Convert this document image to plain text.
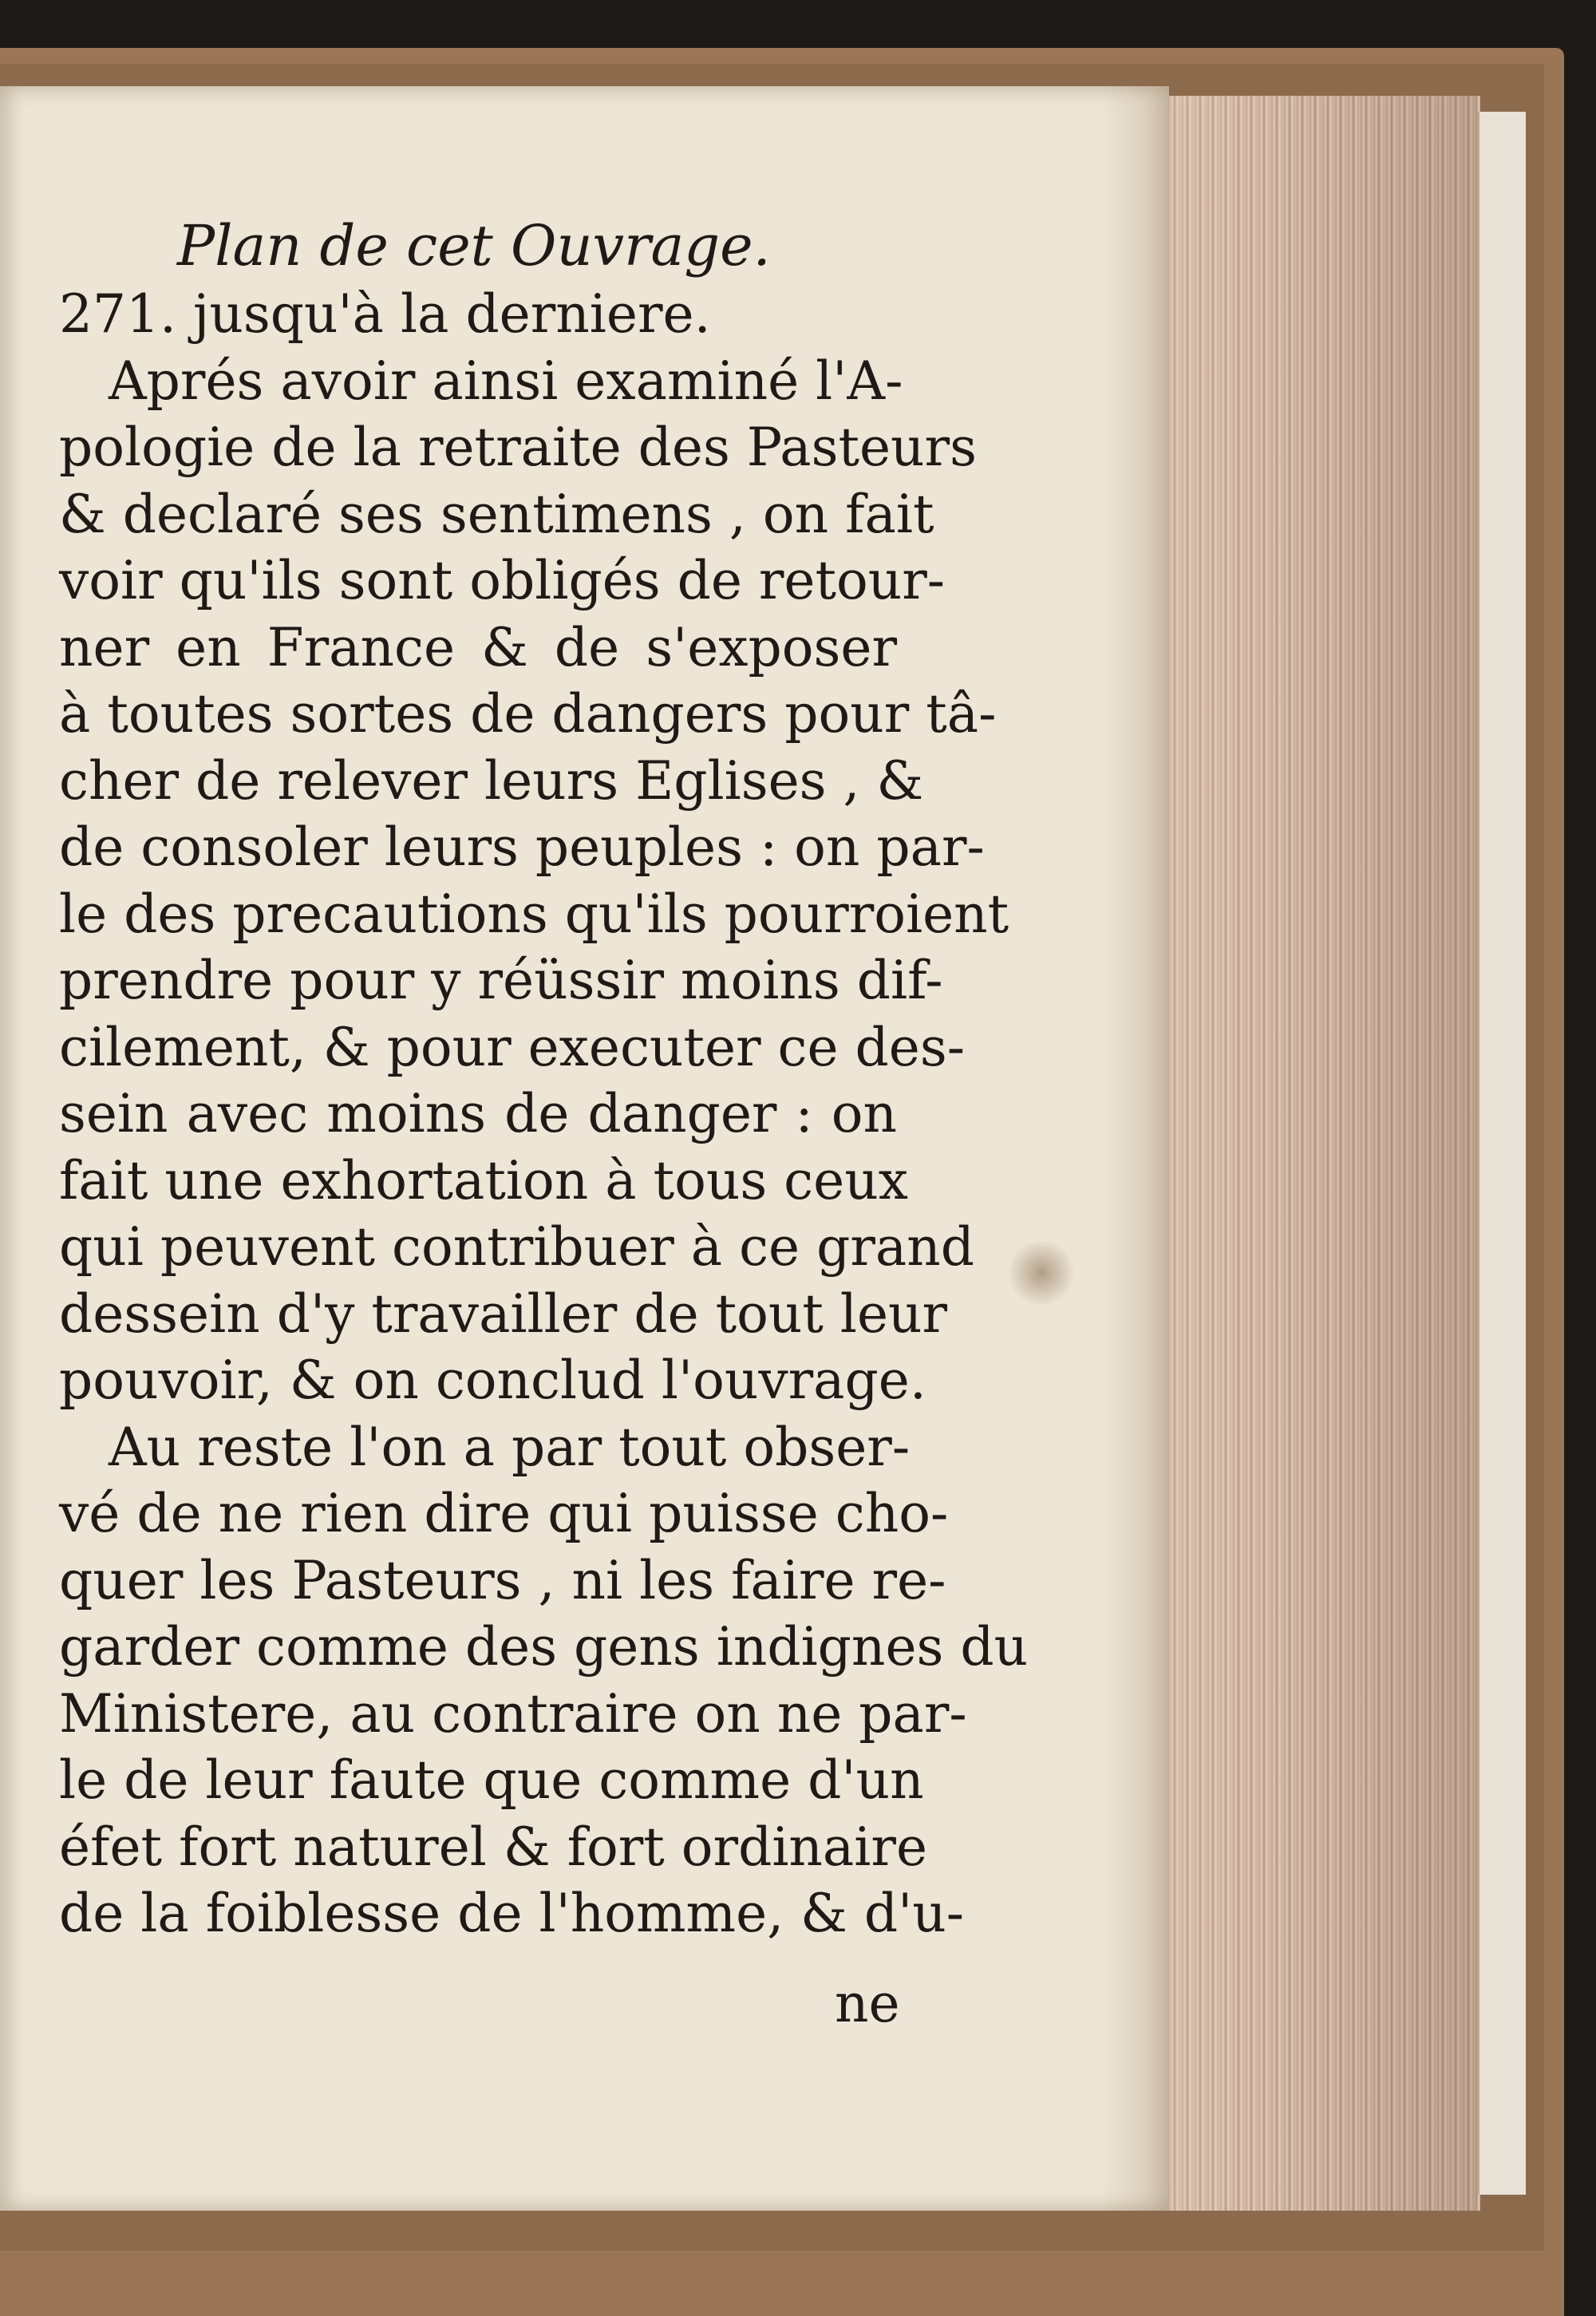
Plan de cet Ouvrage.
271. jusqu'à la derniere.
Aprés avoir ainsi examiné l'A-
pologie de la retraite des Pasteurs
& declaré ses sentimens , on fait
voir qu'ils sont obligés de retour-
ner en France & de s'exposer
à toutes sortes de dangers pour tâ-
cher de relever leurs Eglises , &
de consoler leurs peuples : on par-
le des precautions qu'ils pourroient
prendre pour y réüssir moins dif-
cilement, & pour executer ce des-
sein avec moins de danger : on
fait une exhortation à tous ceux
qui peuvent contribuer à ce grand
dessein d'y travailler de tout leur
pouvoir, & on conclud l'ouvrage.
Au reste l'on a par tout obser-
vé de ne rien dire qui puisse cho-
quer les Pasteurs , ni les faire re-
garder comme des gens indignes du
Ministere, au contraire on ne par-
le de leur faute que comme d'un
éfet fort naturel & fort ordinaire
de la foiblesse de l'homme, & d'u-
ne
